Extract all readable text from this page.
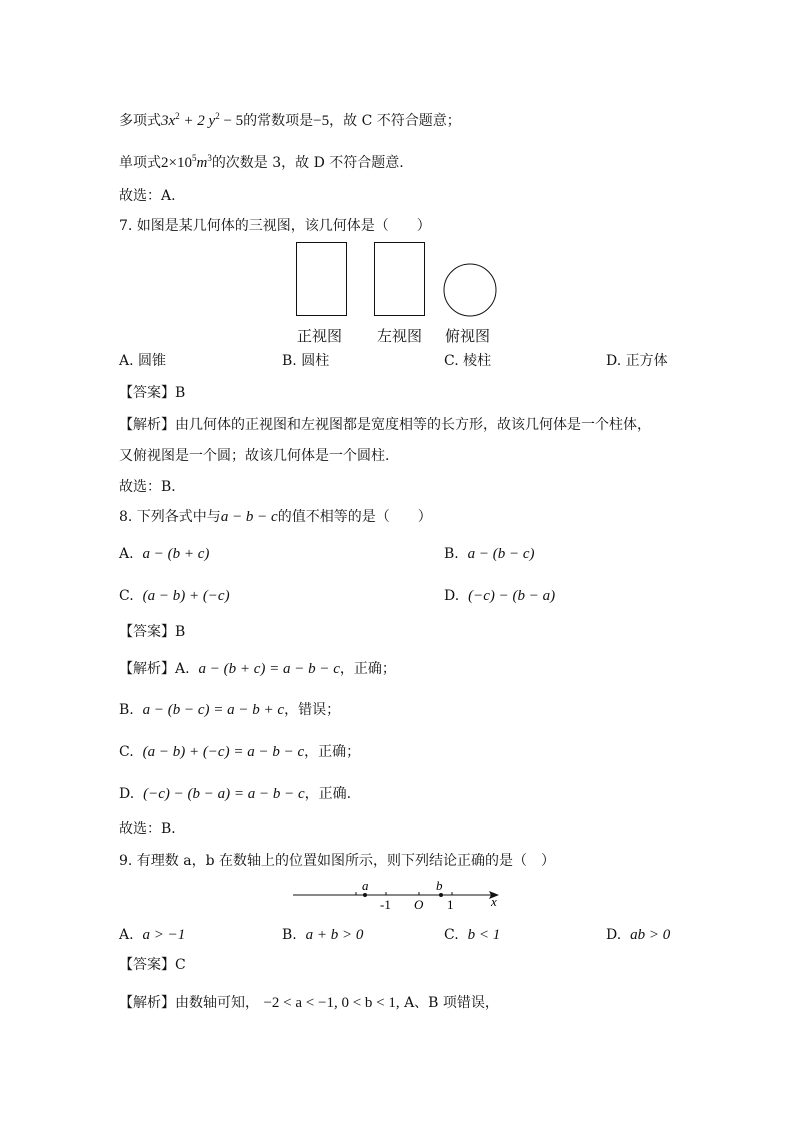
多项式$3x^2 + 2$ $y^2 - 5$的常数项是−5，故 C 不符合题意；
单项式$2\times 10^5m^3$的次数是 3，故 D 不符合题意.
故选：A.
7. 如图是某几何体的三视图，该几何体是（　　）
正视图 左视图 俯视图
A. 圆锥	B. 圆柱	C. 棱柱	D. 正方体
【答案】B
【解析】由几何体的正视图和左视图都是宽度相等的长方形，故该几何体是一个柱体，
又俯视图是一个圆；故该几何体是一个圆柱.
故选：B．
8. 下列各式中与a − b − c的值不相等的是（　　）
A. a − (b + c)	B. a − (b − c)
C. (a − b) + (−c)	D. (−c) − (b − a)
【答案】B
【解析】A. a − (b + c) = a − b − c，正确；
B. a − (b − c) = a − b + c，错误；
C. (a − b) + (−c) = a − b − c，正确；
D. (−c) − (b − a) = a − b − c，正确.
故选：B．
9. 有理数 a，b 在数轴上的位置如图所示，则下列结论正确的是（　）
a	b
-1 O 1	x
A. a > −1	B. a + b > 0	C. b < 1	D. ab > 0
【答案】C
【解析】由数轴可知， −2 < a < −1, 0 < b < 1, A、B 项错误，
